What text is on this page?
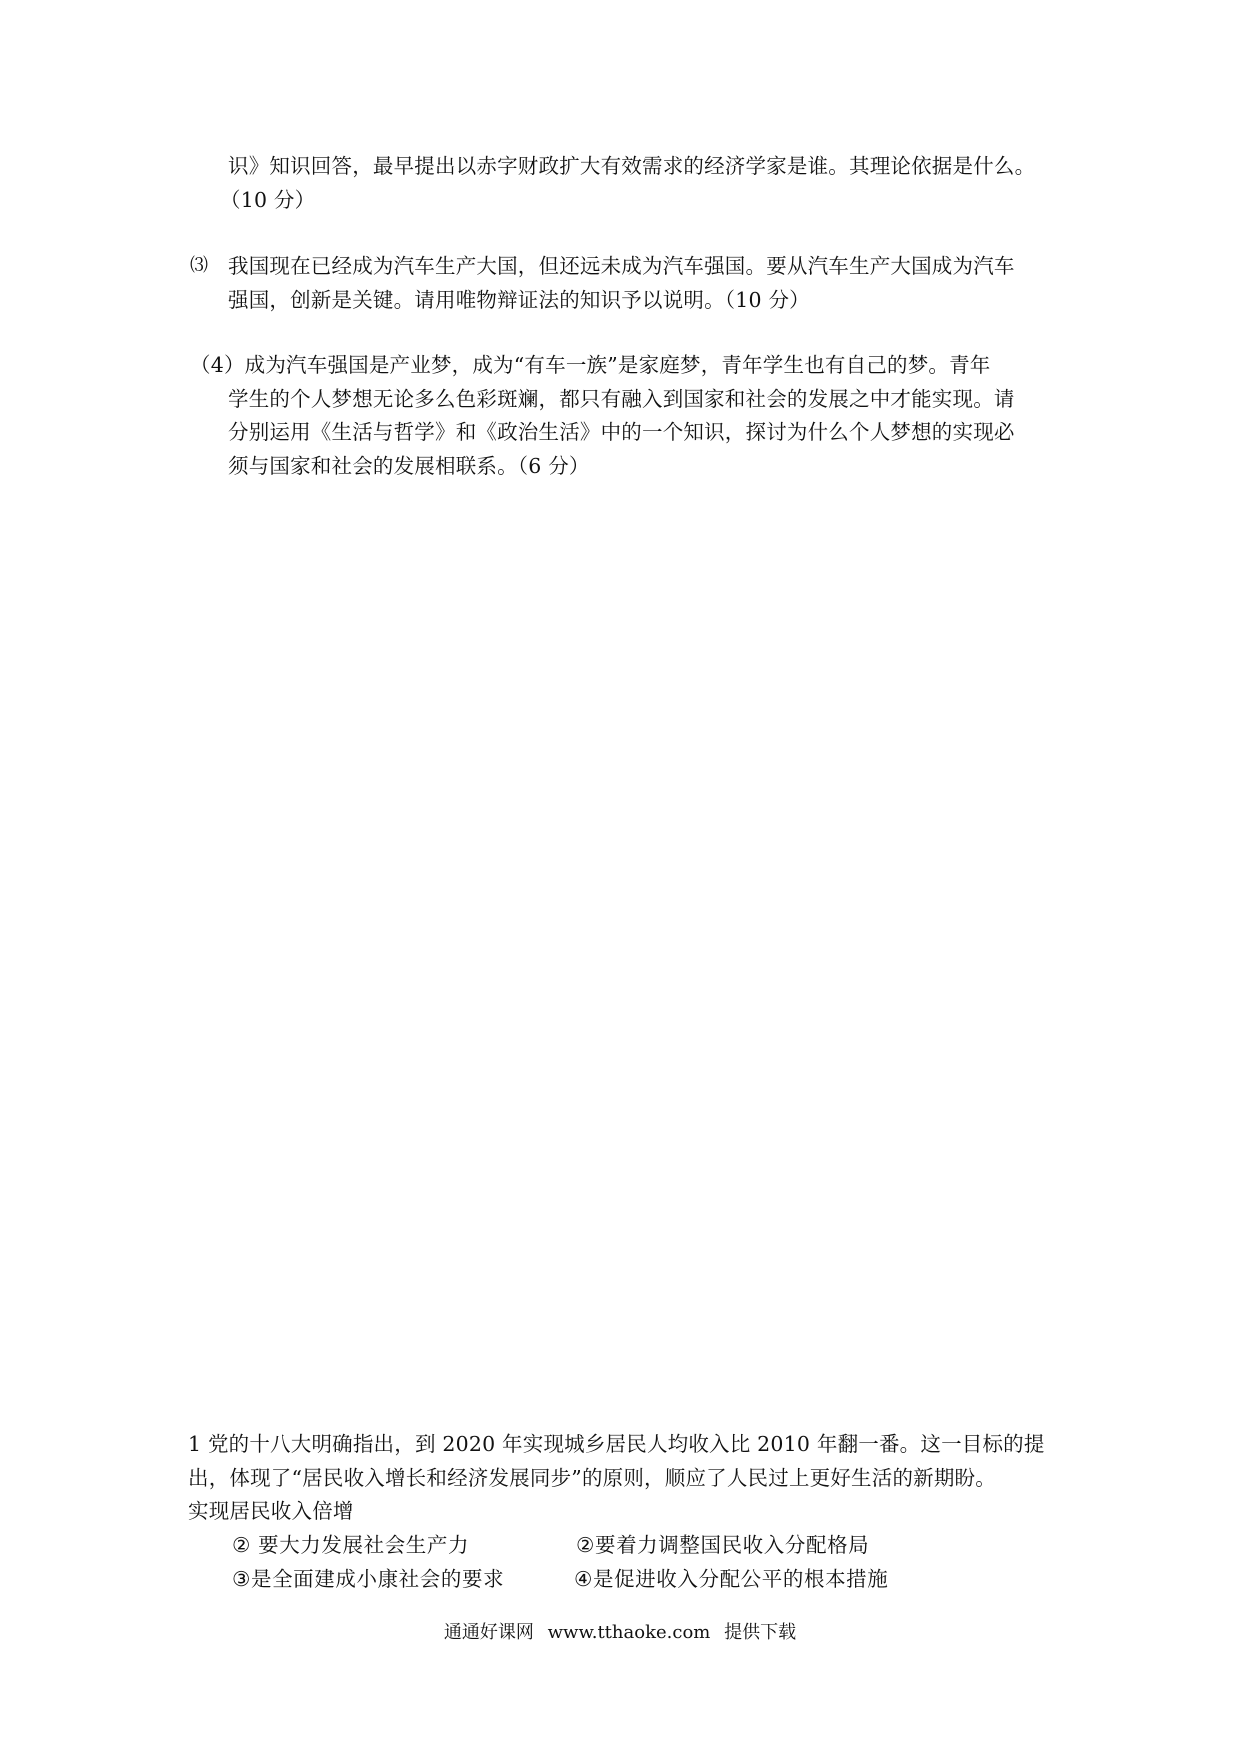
识》知识回答，最早提出以赤字财政扩大有效需求的经济学家是谁。其理论依据是什么。
（10 分）
⑶ 我国现在已经成为汽车生产大国，但还远未成为汽车强国。要从汽车生产大国成为汽车
强国，创新是关键。请用唯物辩证法的知识予以说明。（10 分）
（4）成为汽车强国是产业梦，成为“有车一族”是家庭梦，青年学生也有自己的梦。青年
学生的个人梦想无论多么色彩斑斓，都只有融入到国家和社会的发展之中才能实现。请
分别运用《生活与哲学》和《政治生活》中的一个知识，探讨为什么个人梦想的实现必
须与国家和社会的发展相联系。（6 分）
1 党的十八大明确指出，到 2020 年实现城乡居民人均收入比 2010 年翻一番。这一目标的提
出，体现了“居民收入增长和经济发展同步”的原则，顺应了人民过上更好生活的新期盼。
实现居民收入倍增
② 要大力发展社会生产力	②要着力调整国民收入分配格局
③是全面建成小康社会的要求	④是促进收入分配公平的根本措施
通通好课网 www.tthaoke.com 提供下载
